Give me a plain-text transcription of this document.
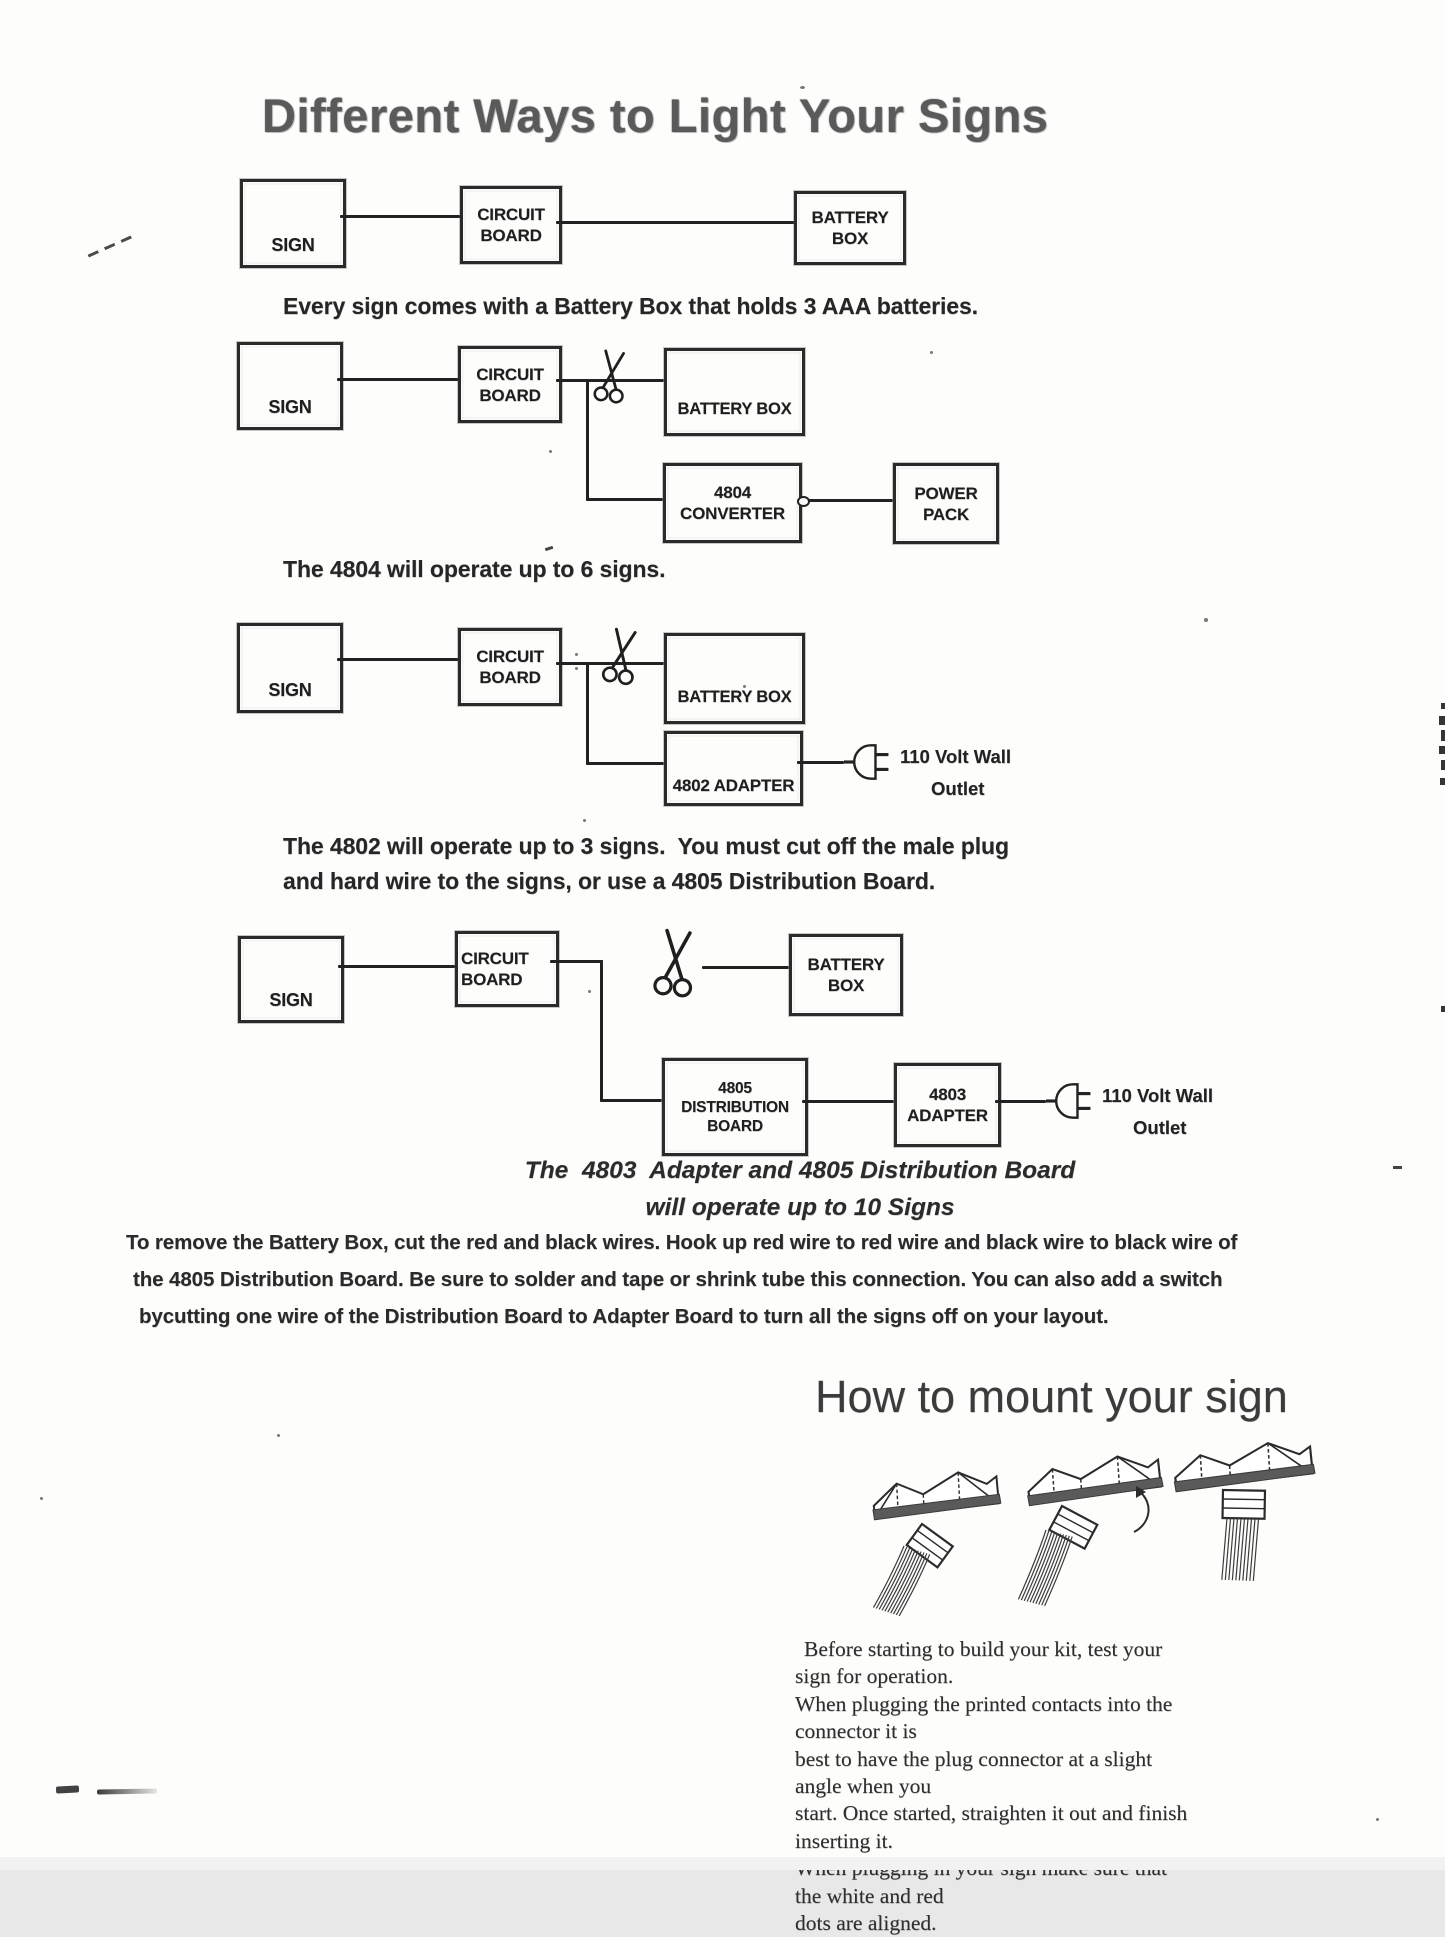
Different Ways to Light Your Signs
SIGN
CIRCUIT
BOARD
BATTERY
BOX
Every sign comes with a Battery Box that holds 3 AAA batteries.
SIGN
CIRCUIT
BOARD
BATTERY BOX
4804
CONVERTER
POWER
PACK
The 4804 will operate up to 6 signs.
SIGN
CIRCUIT
BOARD
BATTERY BOX
4802 ADAPTER
110 Volt Wall
Outlet
The 4802 will operate up to 3 signs.  You must cut off the male plug
and hard wire to the signs, or use a 4805 Distribution Board.
SIGN
CIRCUIT
BOARD
BATTERY
BOX
4805
DISTRIBUTION
BOARD
4803
ADAPTER
110 Volt Wall
Outlet
The  4803  Adapter and 4805 Distribution Board
will operate up to 10 Signs
To remove the Battery Box, cut the red and black wires. Hook up red wire to red wire and black wire to black wire of
the 4805 Distribution Board. Be sure to solder and tape or shrink tube this connection. You can also add a switch
bycutting one wire of the Distribution Board to Adapter Board to turn all the signs off on your layout.
How to mount your sign
Before starting to build your kit, test your sign for operation.
When plugging the printed contacts into the connector it is
best to have the plug connector at a slight angle when you
start. Once started, straighten it out and finish inserting it.
the white and red
dots are aligned.
